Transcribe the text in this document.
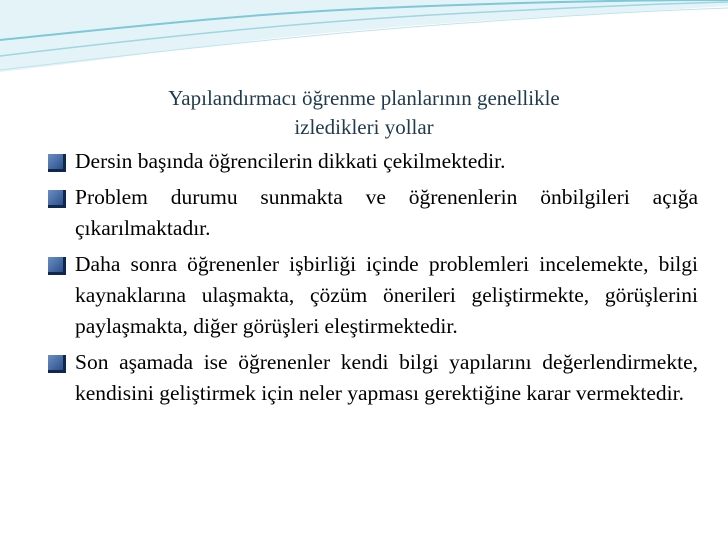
Yapılandırmacı öğrenme planlarının genellikle
izledikleri yollar
Dersin başında öğrencilerin dikkati çekilmektedir.
Problem durumu sunmakta ve öğrenenlerin önbilgileri açığa çıkarılmaktadır.
Daha sonra öğrenenler işbirliği içinde problemleri incelemekte, bilgi kaynaklarına ulaşmakta, çözüm önerileri geliştirmekte, görüşlerini paylaşmakta, diğer görüşleri eleştirmektedir.
Son aşamada ise öğrenenler kendi bilgi yapılarını değerlendirmekte, kendisini geliştirmek için neler yapması gerektiğine karar vermektedir.
